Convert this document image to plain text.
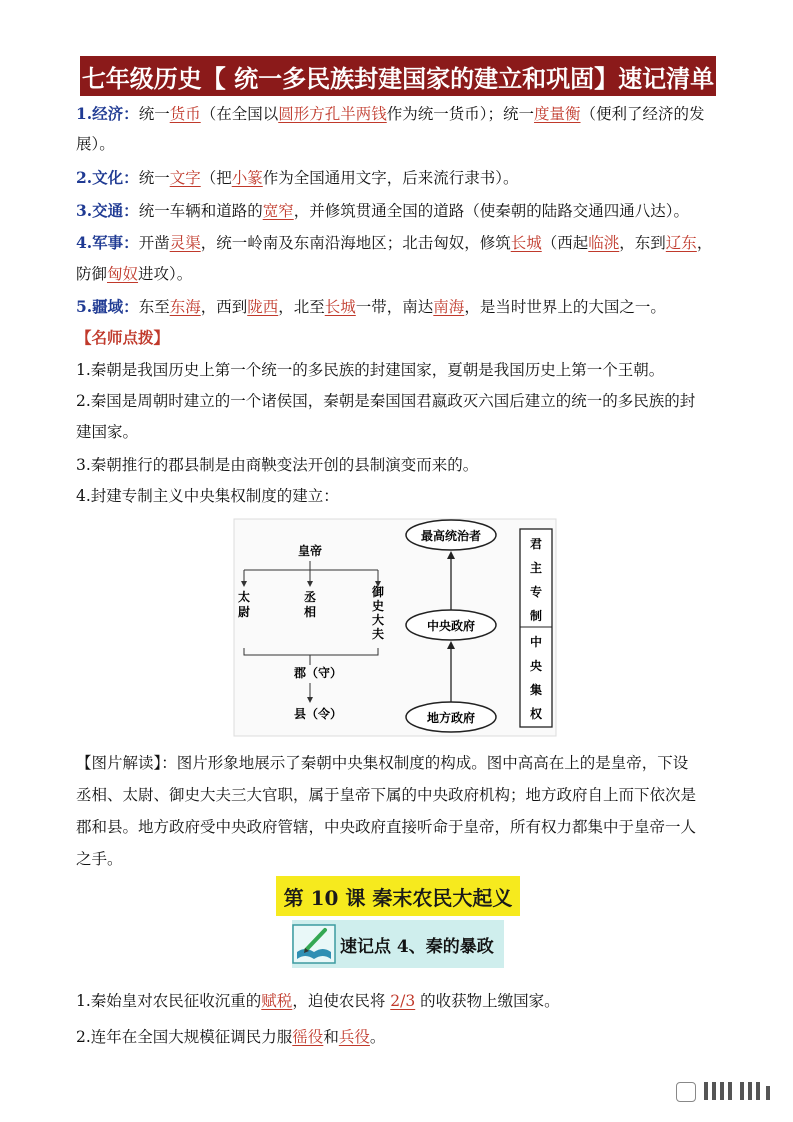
七年级历史【 统一多民族封建国家的建立和巩固】速记清单
1.经济：统一货币（在全国以圆形方孔半两钱作为统一货币）；统一度量衡（便利了经济的发
展）。
2.文化：统一文字（把小篆作为全国通用文字，后来流行隶书）。
3.交通：统一车辆和道路的宽窄，并修筑贯通全国的道路（使秦朝的陆路交通四通八达）。
4.军事：开凿灵渠，统一岭南及东南沿海地区；北击匈奴，修筑长城（西起临洮，东到辽东，
防御匈奴进攻）。
5.疆域：东至东海，西到陇西，北至长城一带，南达南海，是当时世界上的大国之一。
【名师点拨】
1.秦朝是我国历史上第一个统一的多民族的封建国家，夏朝是我国历史上第一个王朝。
2.秦国是周朝时建立的一个诸侯国，秦朝是秦国国君嬴政灭六国后建立的统一的多民族的封
建国家。
3.秦朝推行的郡县制是由商鞅变法开创的县制演变而来的。
4.封建专制主义中央集权制度的建立：
皇帝
太
尉
丞
相
御
史
大
夫
郡（守）
县（令）
最高统治者
中央政府
地方政府
君
主
专
制
中
央
集
权
【图片解读】：图片形象地展示了秦朝中央集权制度的构成。图中高高在上的是皇帝，下设
丞相、太尉、御史大夫三大官职，属于皇帝下属的中央政府机构；地方政府自上而下依次是
郡和县。地方政府受中央政府管辖，中央政府直接听命于皇帝，所有权力都集中于皇帝一人
之手。
第 10 课 秦末农民大起义
速记点 4、秦的暴政
1.秦始皇对农民征收沉重的赋税，迫使农民将 2/3 的收获物上缴国家。
2.连年在全国大规模征调民力服徭役和兵役。
